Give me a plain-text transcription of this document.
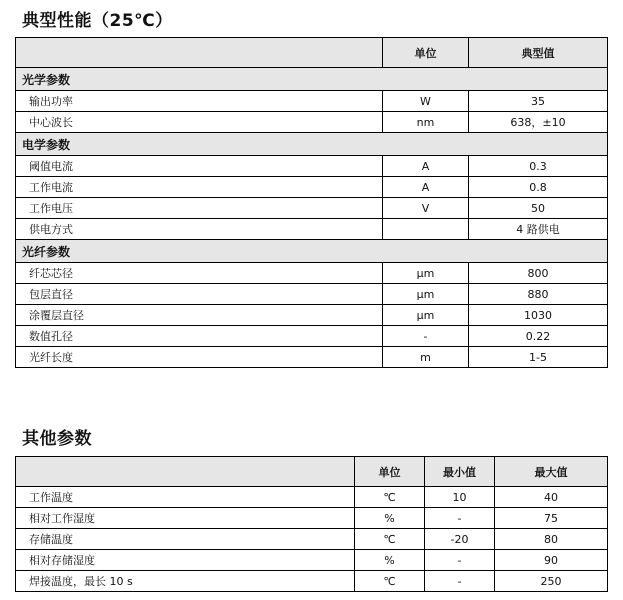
典型性能（25℃）
	单位	典型值
光学参数		
输出功率	W	35
中心波长	nm	638，±10
电学参数		
阈值电流	A	0.3
工作电流	A	0.8
工作电压	V	50
供电方式		4 路供电
光纤参数		
纤芯芯径	μm	800
包层直径	μm	880
涂覆层直径	μm	1030
数值孔径	-	0.22
光纤长度	m	1-5
其他参数
	单位	最小值	最大值
工作温度	℃	10	40
相对工作湿度	%	-	75
存储温度	℃	-20	80
相对存储湿度	%	-	90
焊接温度，最长 10 s	℃	-	250
